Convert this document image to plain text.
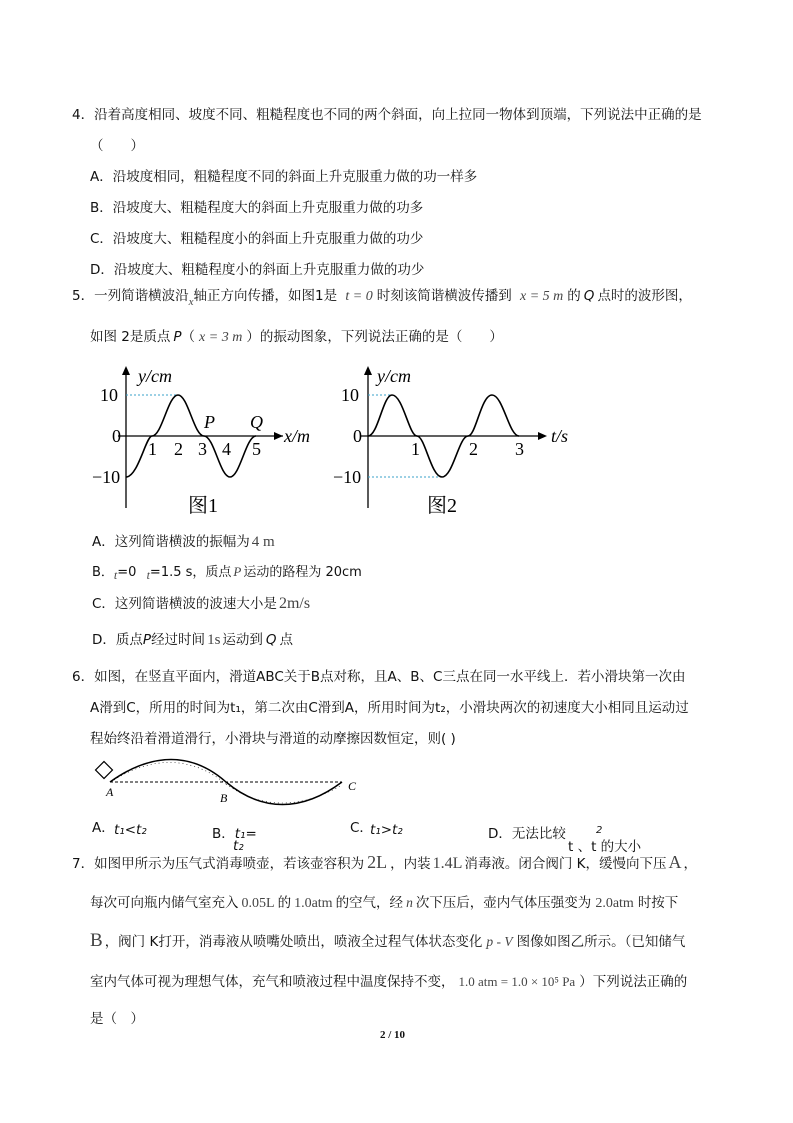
4．沿着高度相同、坡度不同、粗糙程度也不同的两个斜面，向上拉同一物体到顶端，下列说法中正确的是
（　　）
A．沿坡度相同，粗糙程度不同的斜面上升克服重力做的功一样多
B．沿坡度大、粗糙程度大的斜面上升克服重力做的功多
C．沿坡度大、粗糙程度小的斜面上升克服重力做的功少
D．沿坡度大、粗糙程度小的斜面上升克服重力做的功少
5．一列简谐横波沿$_x$轴正方向传播，如图1是 t = 0 时刻该简谐横波传播到 x = 5 m 的 Q 点时的波形图，
如图 2是质点 P（ x = 3 m ）的振动图象，下列说法正确的是（　　）
y/cm
x/m
10
0
−10
1 2 3 4 5
P Q
图1
y/cm
t/s
10
0
−10
1	2 3
图2
A．这列简谐横波的振幅为 4 m
B．t=0 t=1.5 s，质点 P 运动的路程为 20cm
C．这列简谐横波的波速大小是 2m/s
D．质点P经过时间 1s 运动到 Q 点
6．如图，在竖直平面内，滑道ABC关于B点对称，且A、B、C三点在同一水平线上．若小滑块第一次由
A滑到C，所用的时间为t₁，第二次由C滑到A，所用时间为t₂，小滑块两次的初速度大小相同且运动过
程始终沿着滑道滑行，小滑块与滑道的动摩擦因数恒定，则( )
A	B
C
A． t₁<t₂	B．t₁=
t₂
C．
t₁>t₂	D．无法比较	2
t 、t 的大小
7．如图甲所示为压气式消毒喷壶，若该壶容积为 2L ，内装 1.4L 消毒液。闭合阀门 K，缓慢向下压 A ，
每次可向瓶内储气室充入 0.05L 的 1.0atm 的空气，经 n 次下压后，壶内气体压强变为 2.0atm 时按下
B ，阀门 K打开，消毒液从喷嘴处喷出，喷液全过程气体状态变化 p - V 图像如图乙所示。（已知储气
室内气体可视为理想气体，充气和喷液过程中温度保持不变， 1.0 atm = 1.0 × 10⁵ Pa ）下列说法正确的
是（　）
2 / 10
